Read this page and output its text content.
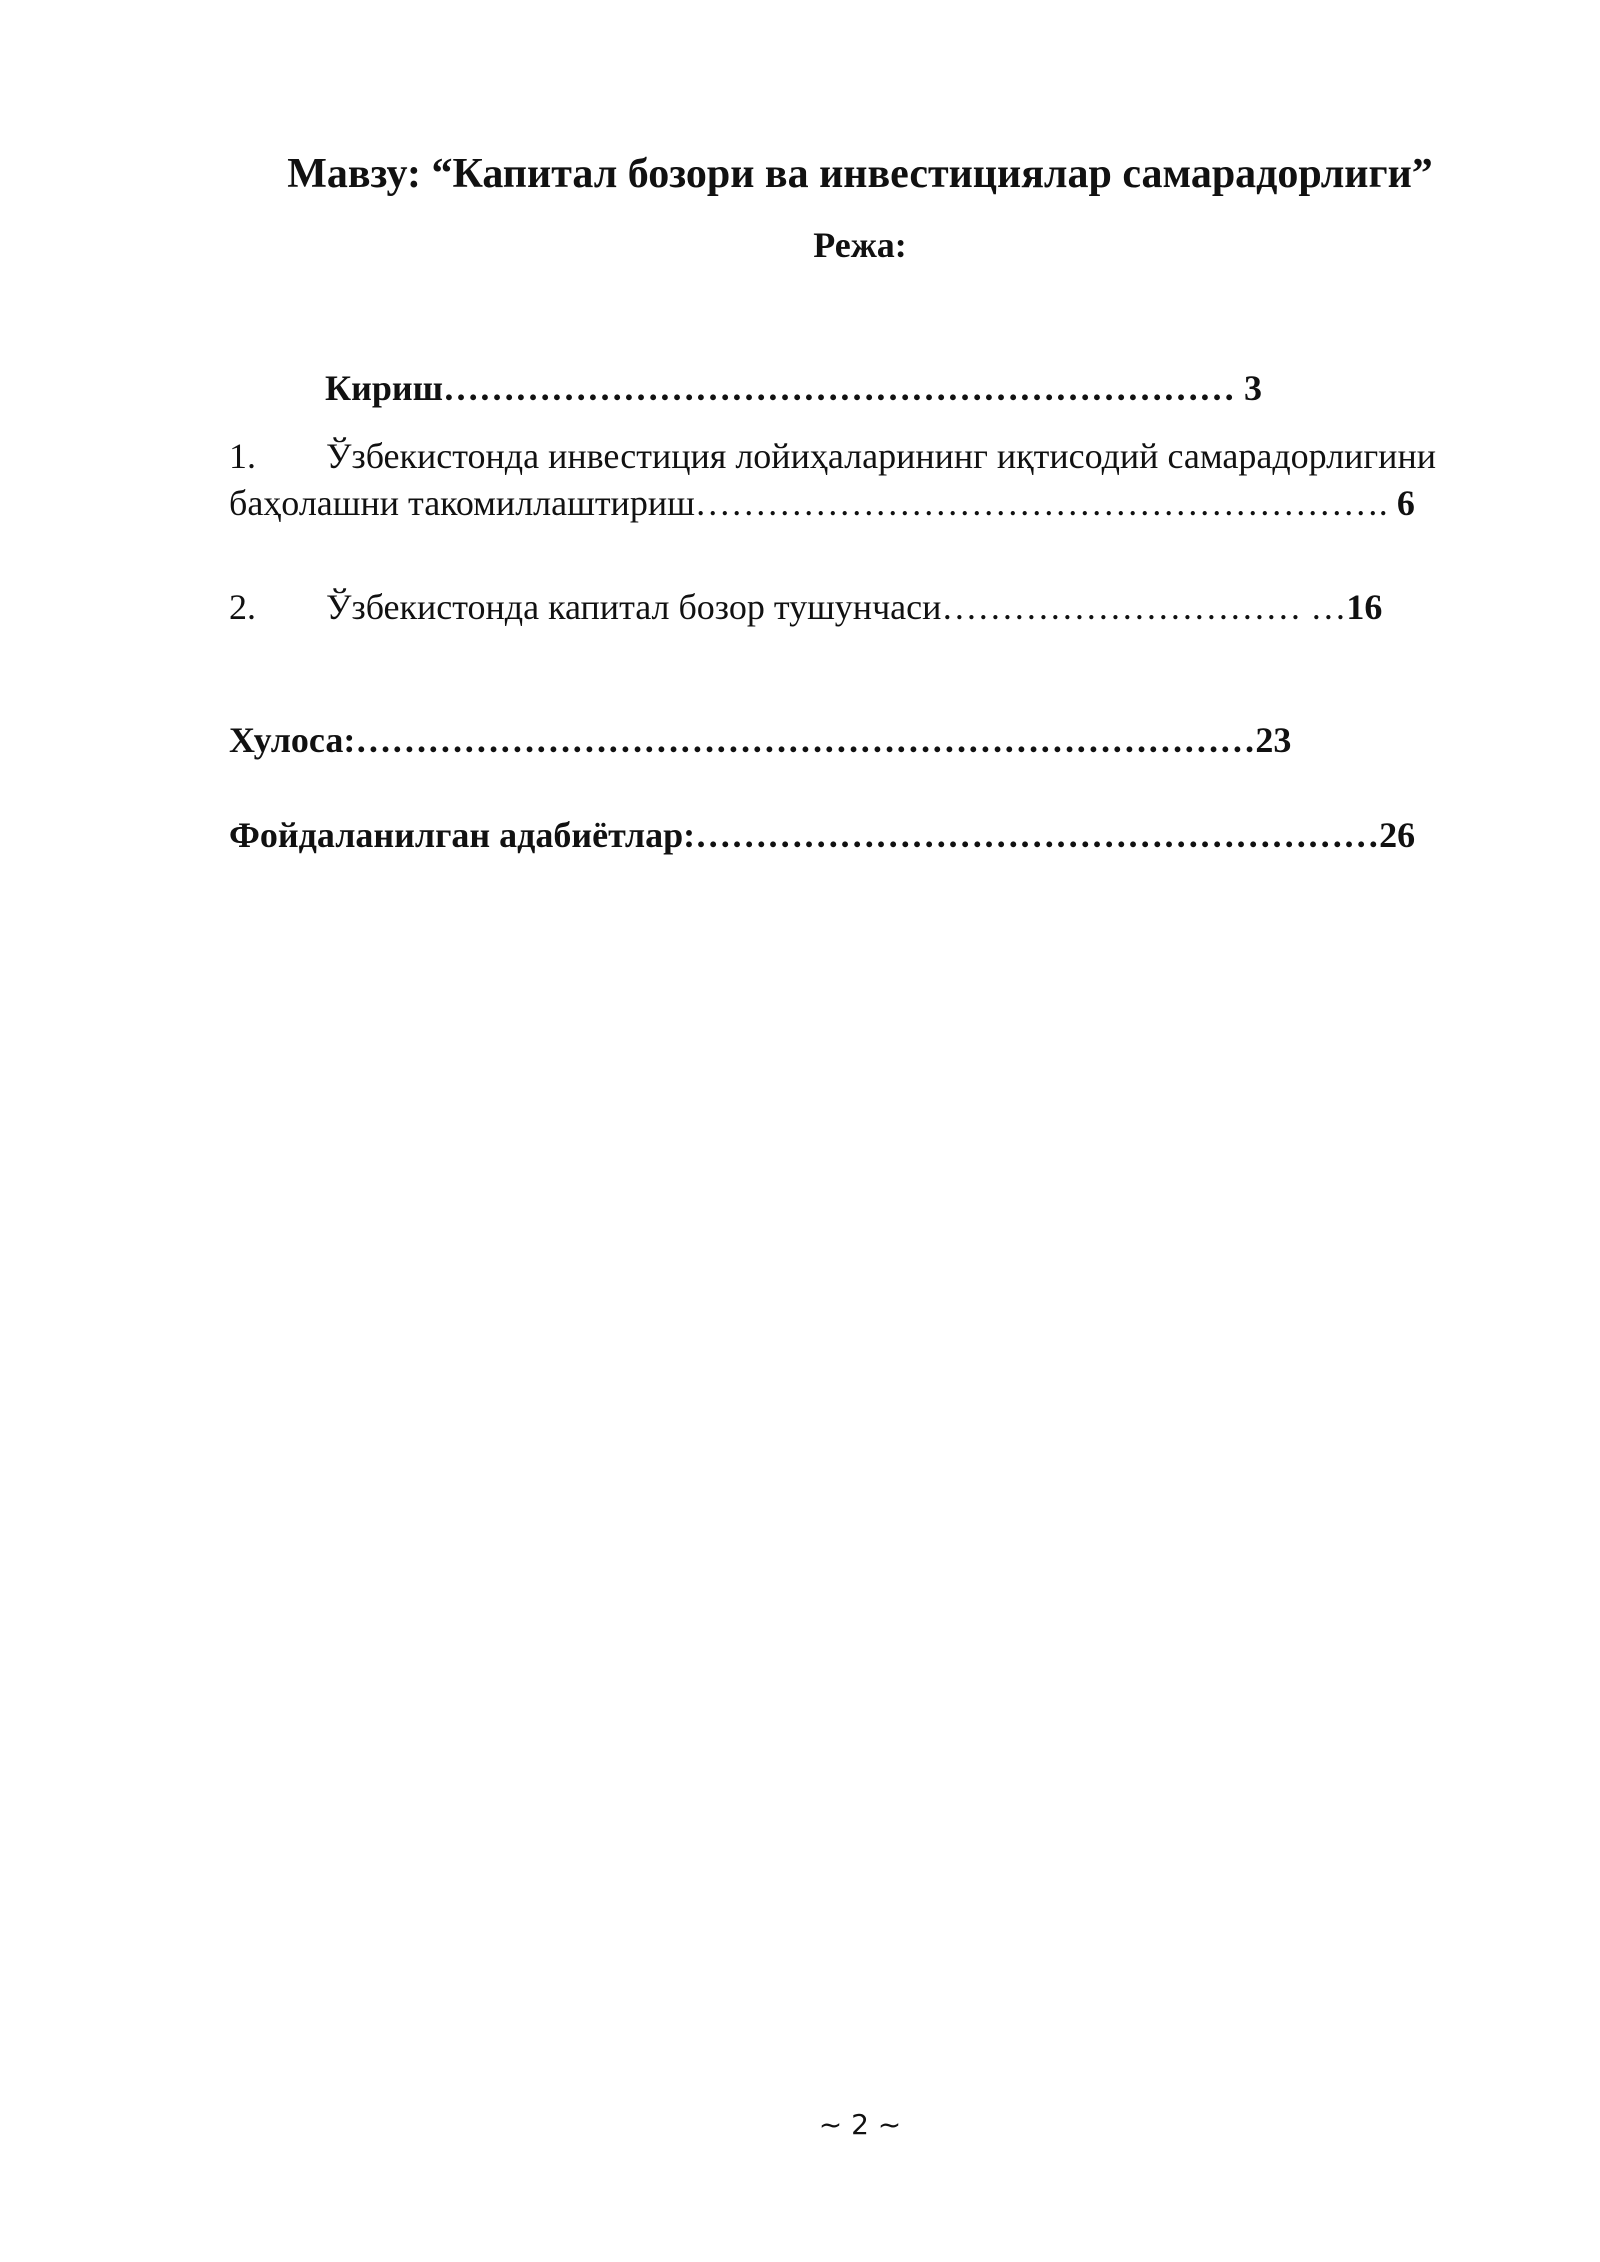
Мавзу: “Капитал бозори ва инвестициялар самарадорлиги”
Режа:
Кириш………………………………………………………… 3
1. Ўзбекистонда инвестиция лойиҳаларининг иқтисодий самарадорлигини
баҳолашни такомиллаштириш…………………………………………………. 6
2. Ўзбекистонда капитал бозор тушунчаси………………………… …16
Хулоса:…………………………………………………………………23
Фойдаланилган адабиётлар:…………………………………………………26
~ 2 ~
